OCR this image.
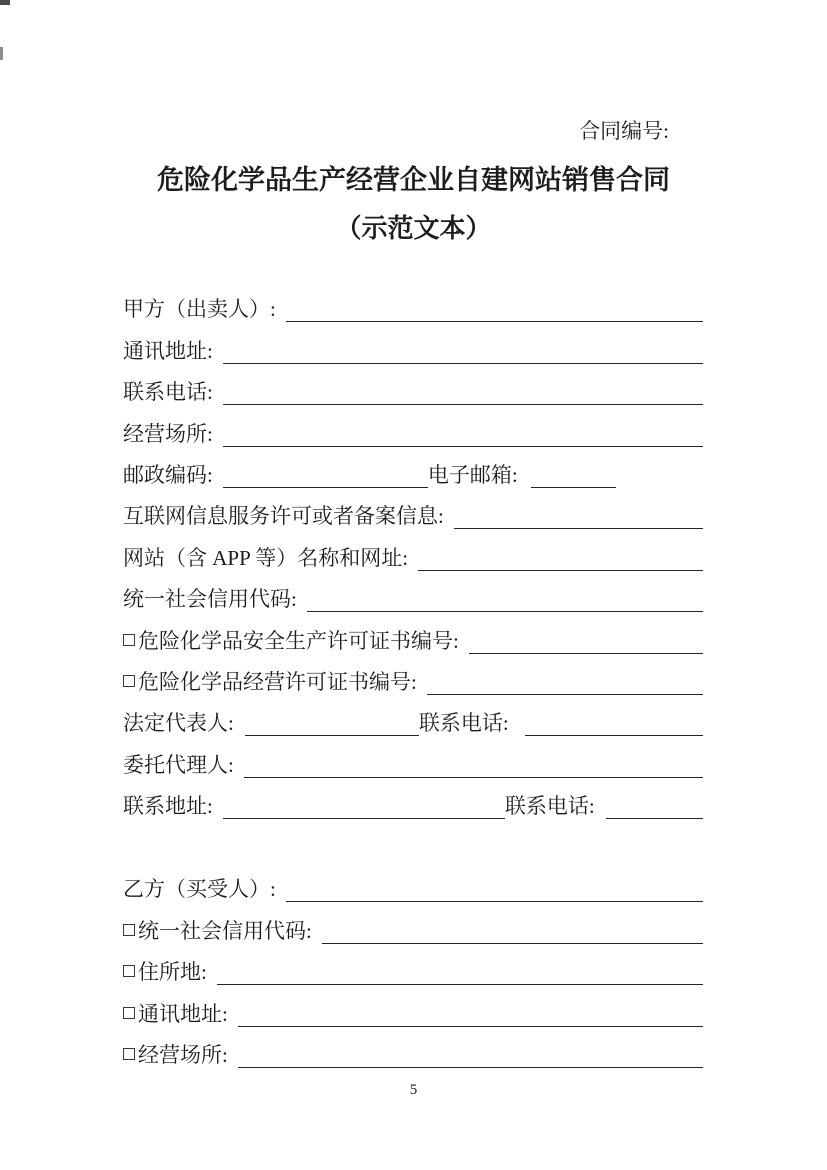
合同编号:
危险化学品生产经营企业自建网站销售合同
（示范文本）
甲方（出卖人）:
通讯地址:
联系电话:
经营场所:
邮政编码:	电子邮箱:
互联网信息服务许可或者备案信息:
网站（含 APP 等）名称和网址:
统一社会信用代码:
危险化学品安全生产许可证书编号:
危险化学品经营许可证书编号:
法定代表人:	联系电话:
委托代理人:
联系地址:	联系电话:
乙方（买受人）:
统一社会信用代码:
住所地:
通讯地址:
经营场所:
5
